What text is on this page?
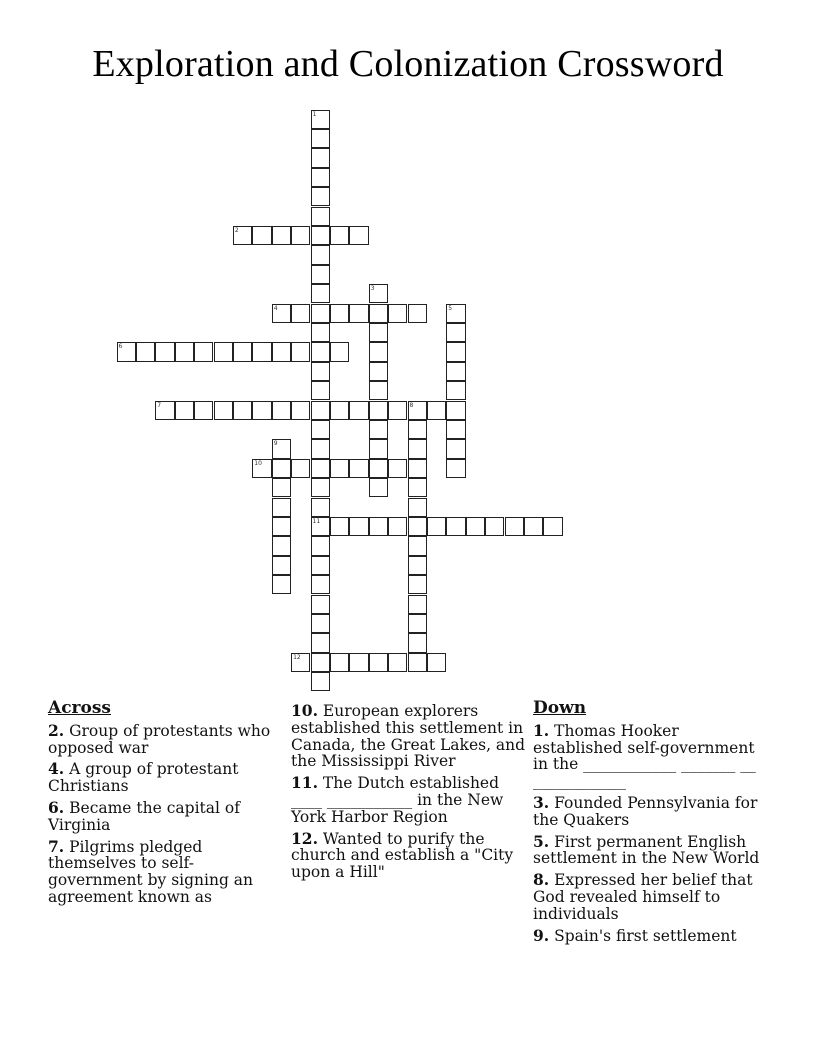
Exploration and Colonization Crossword
1
11
2
3
4	5
6
7	8
9
10
12
Across
2. Group of protestants who opposed war
4. A group of protestant Christians
6. Became the capital of Virginia
7. Pilgrims pledged themselves to self-government by signing an agreement known as
10. European explorers established this settlement in Canada, the Great Lakes, and the Mississippi River
11. The Dutch established ____ ___________ in the New York Harbor Region
12. Wanted to purify the church and establish a "City upon a Hill"
Down
1. Thomas Hooker established self-government in the ____________ _______ __ ____________
3. Founded Pennsylvania for the Quakers
5. First permanent English settlement in the New World
8. Expressed her belief that God revealed himself to individuals
9. Spain's first settlement
